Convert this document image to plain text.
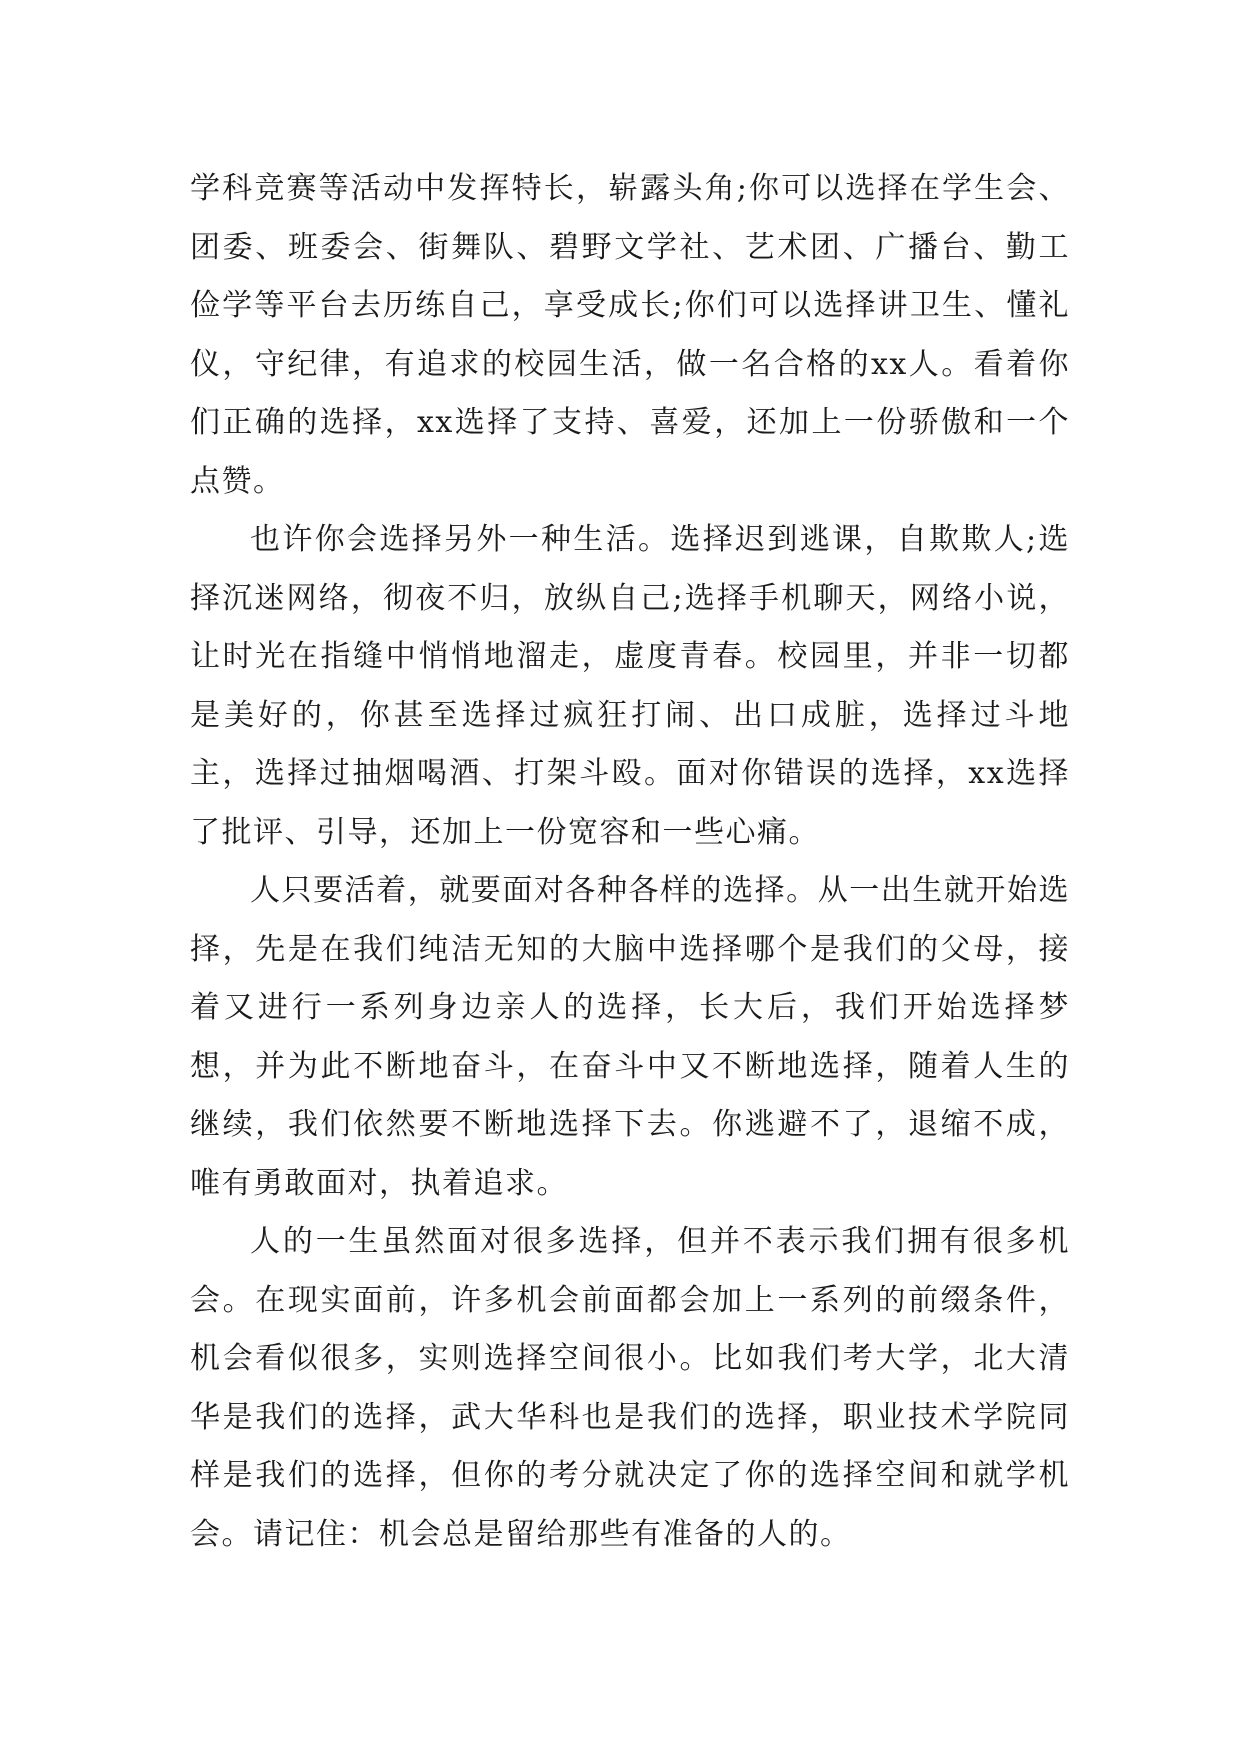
学科竞赛等活动中发挥特长，崭露头角;你可以选择在学生会、团委、班委会、街舞队、碧野文学社、艺术团、广播台、勤工俭学等平台去历练自己，享受成长;你们可以选择讲卫生、懂礼仪，守纪律，有追求的校园生活，做一名合格的xx人。看着你们正确的选择，xx选择了支持、喜爱，还加上一份骄傲和一个点赞。

也许你会选择另外一种生活。选择迟到逃课，自欺欺人;选择沉迷网络，彻夜不归，放纵自己;选择手机聊天，网络小说，让时光在指缝中悄悄地溜走，虚度青春。校园里，并非一切都是美好的，你甚至选择过疯狂打闹、出口成脏，选择过斗地主，选择过抽烟喝酒、打架斗殴。面对你错误的选择，xx选择了批评、引导，还加上一份宽容和一些心痛。

人只要活着，就要面对各种各样的选择。从一出生就开始选择，先是在我们纯洁无知的大脑中选择哪个是我们的父母，接着又进行一系列身边亲人的选择，长大后，我们开始选择梦想，并为此不断地奋斗，在奋斗中又不断地选择，随着人生的继续，我们依然要不断地选择下去。你逃避不了，退缩不成，唯有勇敢面对，执着追求。

人的一生虽然面对很多选择，但并不表示我们拥有很多机会。在现实面前，许多机会前面都会加上一系列的前缀条件，机会看似很多，实则选择空间很小。比如我们考大学，北大清华是我们的选择，武大华科也是我们的选择，职业技术学院同样是我们的选择，但你的考分就决定了你的选择空间和就学机会。请记住：机会总是留给那些有准备的人的。
